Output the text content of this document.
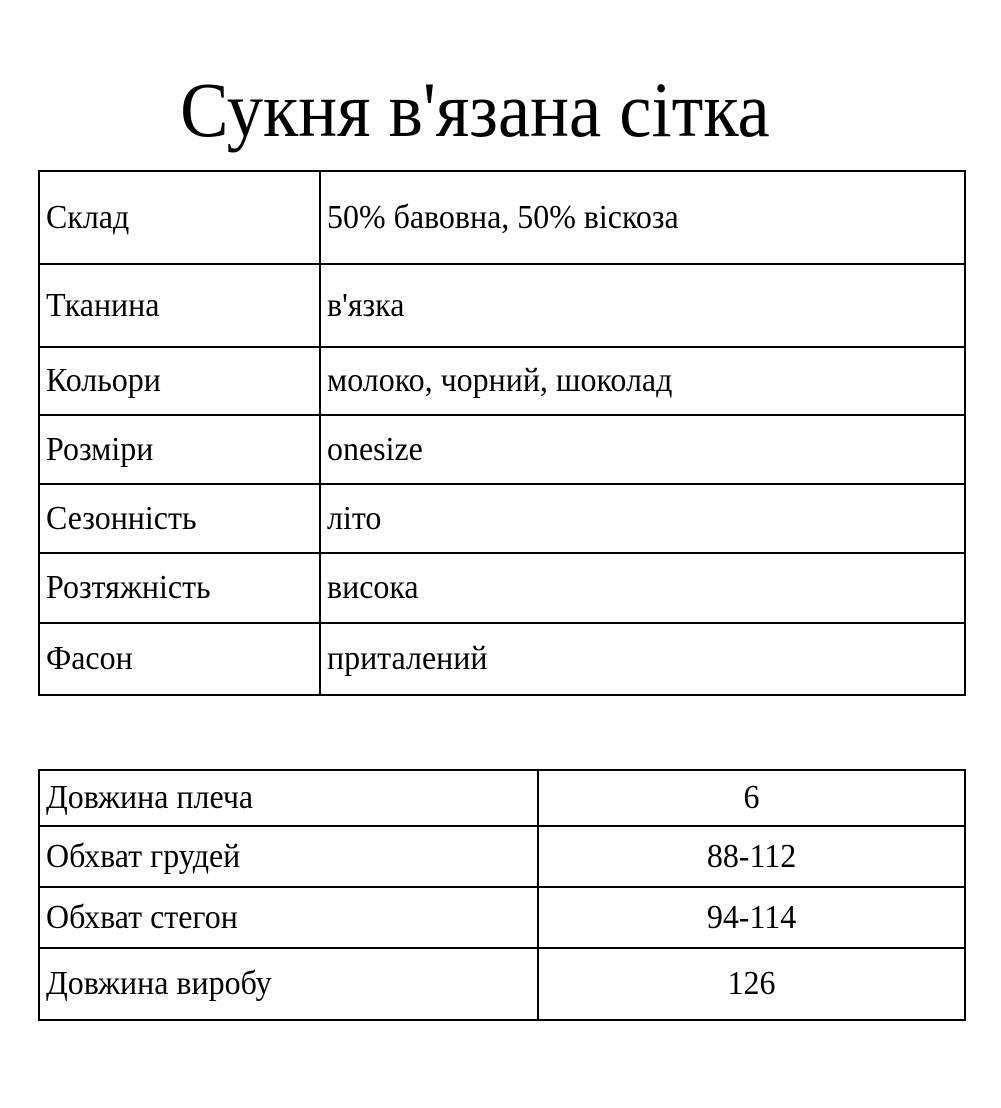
Сукня в'язана сітка
Склад	50% бавовна, 50% віскоза
Тканина	в'язка
Кольори	молоко, чорний, шоколад
Розміри	onesize
Сезонність	літо
Розтяжність	висока
Фасон	приталений
Довжина плеча	6
Обхват грудей	88-112
Обхват стегон	94-114
Довжина виробу	126
